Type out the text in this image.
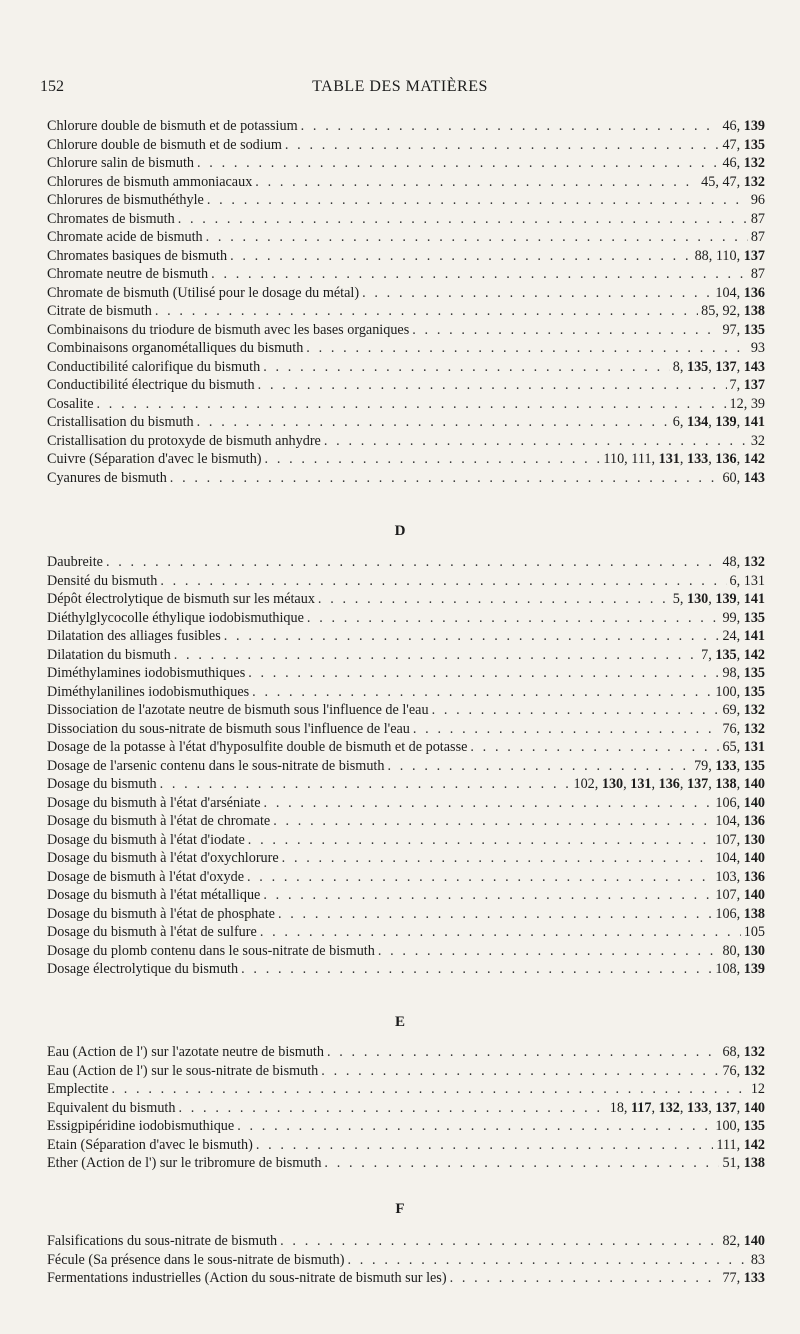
152	TABLE DES MATIÈRES
Chlorure double de bismuth et de potassium . . .	46, 139
Chlorure double de bismuth et de sodium . . .	47, 135
Chlorure salin de bismuth . . .	46, 132
Chlorures de bismuth ammoniacaux . . .	45, 47, 132
Chlorures de bismuthéthyle . . .	96
Chromates de bismuth . . .	87
Chromate acide de bismuth . . .	87
Chromates basiques de bismuth . . .	88, 110, 137
Chromate neutre de bismuth . . .	87
Chromate de bismuth (Utilisé pour le dosage du métal) . . .	104, 136
Citrate de bismuth . . .	85, 92, 138
Combinaisons du triodure de bismuth avec les bases organiques . . .	97, 135
Combinaisons organométalliques du bismuth . . .	93
Conductibilité calorifique du bismuth . . .	8, 135, 137, 143
Conductibilité électrique du bismuth . . .	7, 137
Cosalite . . .	12, 39
Cristallisation du bismuth . . .	6, 134, 139, 141
Cristallisation du protoxyde de bismuth anhydre . . .	32
Cuivre (Séparation d'avec le bismuth) . . .	110, 111, 131, 133, 136, 142
Cyanures de bismuth . . .	60, 143
D
Daubreite . . .	48, 132
Densité du bismuth . . .	6, 131
Dépôt électrolytique de bismuth sur les métaux . . .	5, 130, 139, 141
Diéthylglycocolle éthylique iodobismuthique . . .	99, 135
Dilatation des alliages fusibles . . .	24, 141
Dilatation du bismuth . . .	7, 135, 142
Diméthylamines iodobismuthiques . . .	98, 135
Diméthylanilines iodobismuthiques . . .	100, 135
Dissociation de l'azotate neutre de bismuth sous l'influence de l'eau . . .	69, 132
Dissociation du sous-nitrate de bismuth sous l'influence de l'eau . . .	76, 132
Dosage de la potasse à l'état d'hyposulfite double de bismuth et de potasse . . .	65, 131
Dosage de l'arsenic contenu dans le sous-nitrate de bismuth . . .	79, 133, 135
Dosage du bismuth . . .	102, 130, 131, 136, 137, 138, 140
Dosage du bismuth à l'état d'arséniate . . .	106, 140
Dosage du bismuth à l'état de chromate . . .	104, 136
Dosage du bismuth à l'état d'iodate . . .	107, 130
Dosage du bismuth à l'état d'oxychlorure . . .	104, 140
Dosage de bismuth à l'état d'oxyde . . .	103, 136
Dosage du bismuth à l'état métallique . . .	107, 140
Dosage du bismuth à l'état de phosphate . . .	106, 138
Dosage du bismuth à l'état de sulfure . . .	105
Dosage du plomb contenu dans le sous-nitrate de bismuth . . .	80, 130
Dosage électrolytique du bismuth . . .	108, 139
E
Eau (Action de l') sur l'azotate neutre de bismuth . . .	68, 132
Eau (Action de l') sur le sous-nitrate de bismuth . . .	76, 132
Emplectite . . .	12
Equivalent du bismuth . . .	18, 117, 132, 133, 137, 140
Essigpipéridine iodobismuthique . . .	100, 135
Etain (Séparation d'avec le bismuth) . . .	111, 142
Ether (Action de l') sur le tribromure de bismuth . . .	51, 138
F
Falsifications du sous-nitrate de bismuth . . .	82, 140
Fécule (Sa présence dans le sous-nitrate de bismuth) . . .	83
Fermentations industrielles (Action du sous-nitrate de bismuth sur les) . . .	77, 133
